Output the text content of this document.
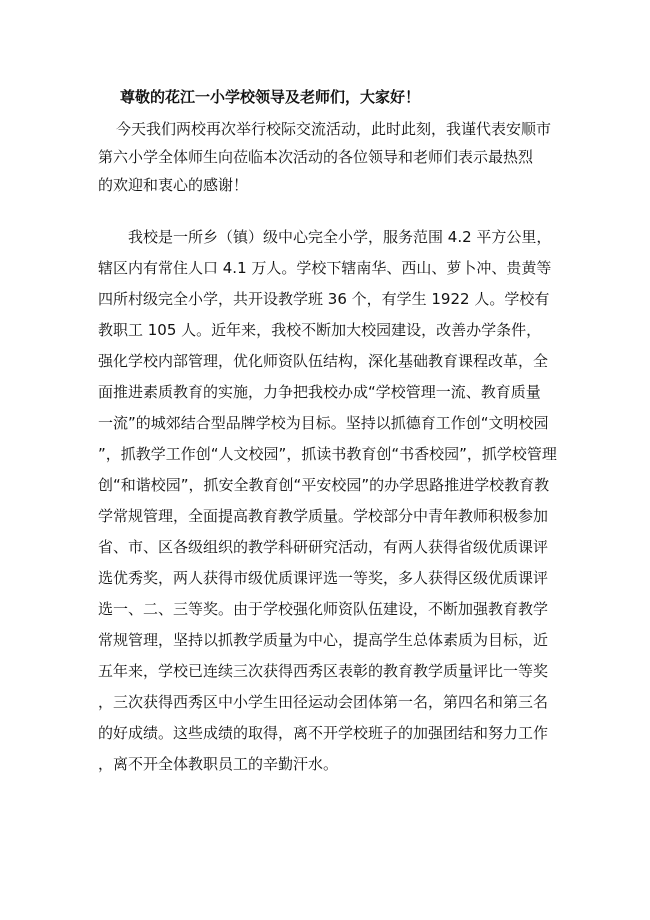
尊敬的花江一小学校领导及老师们，大家好！
今天我们两校再次举行校际交流活动，此时此刻，我谨代表安顺市
第六小学全体师生向莅临本次活动的各位领导和老师们表示最热烈
的欢迎和衷心的感谢！
我校是一所乡（镇）级中心完全小学，服务范围 4.2 平方公里，
辖区内有常住人口 4.1 万人。学校下辖南华、西山、萝卜冲、贵黄等
四所村级完全小学，共开设教学班 36 个，有学生 1922 人。学校有
教职工 105 人。近年来，我校不断加大校园建设，改善办学条件，
强化学校内部管理，优化师资队伍结构，深化基础教育课程改革，全
面推进素质教育的实施，力争把我校办成“学校管理一流、教育质量
一流”的城郊结合型品牌学校为目标。坚持以抓德育工作创“文明校园
”，抓教学工作创“人文校园”，抓读书教育创“书香校园”，抓学校管理
创“和谐校园”，抓安全教育创“平安校园”的办学思路推进学校教育教
学常规管理，全面提高教育教学质量。学校部分中青年教师积极参加
省、市、区各级组织的教学科研研究活动，有两人获得省级优质课评
选优秀奖，两人获得市级优质课评选一等奖，多人获得区级优质课评
选一、二、三等奖。由于学校强化师资队伍建设，不断加强教育教学
常规管理，坚持以抓教学质量为中心，提高学生总体素质为目标，近
五年来，学校已连续三次获得西秀区表彰的教育教学质量评比一等奖
，三次获得西秀区中小学生田径运动会团体第一名，第四名和第三名
的好成绩。这些成绩的取得，离不开学校班子的加强团结和努力工作
，离不开全体教职员工的辛勤汗水。
